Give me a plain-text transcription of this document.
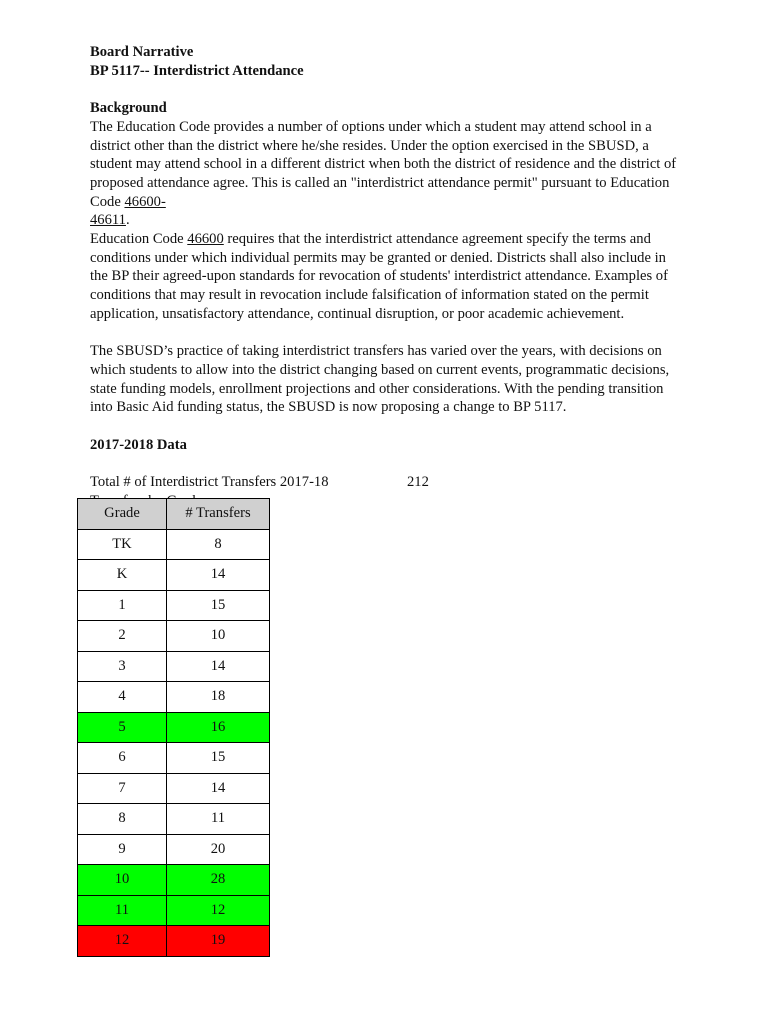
Board Narrative

BP 5117-- Interdistrict Attendance

Background

The Education Code provides a number of options under which a student may attend school in a district other than the district where he/she resides. Under the option exercised in the SBUSD, a student may attend school in a different district when both the district of residence and the district of proposed attendance agree. This is called an "interdistrict attendance permit" pursuant to Education Code 46600-
46611.

Education Code 46600 requires that the interdistrict attendance agreement specify the terms and conditions under which individual permits may be granted or denied. Districts shall also include in the BP their agreed-upon standards for revocation of students' interdistrict attendance. Examples of conditions that may result in revocation include falsification of information stated on the permit application, unsatisfactory attendance, continual disruption, or poor academic achievement.

The SBUSD’s practice of taking interdistrict transfers has varied over the years, with decisions on which students to allow into the district changing based on current events, programmatic decisions, state funding models, enrollment projections and other considerations. With the pending transition into Basic Aid funding status, the SBUSD is now proposing a change to BP 5117.

2017-2018 Data

Total # of Interdistrict Transfers 2017-18	212

Grade	# Transfers
TK	8
K	14
1	15
2	10
3	14
4	18
5	16
6	15
7	14
8	11
9	20
10	28
11	12
12	19
